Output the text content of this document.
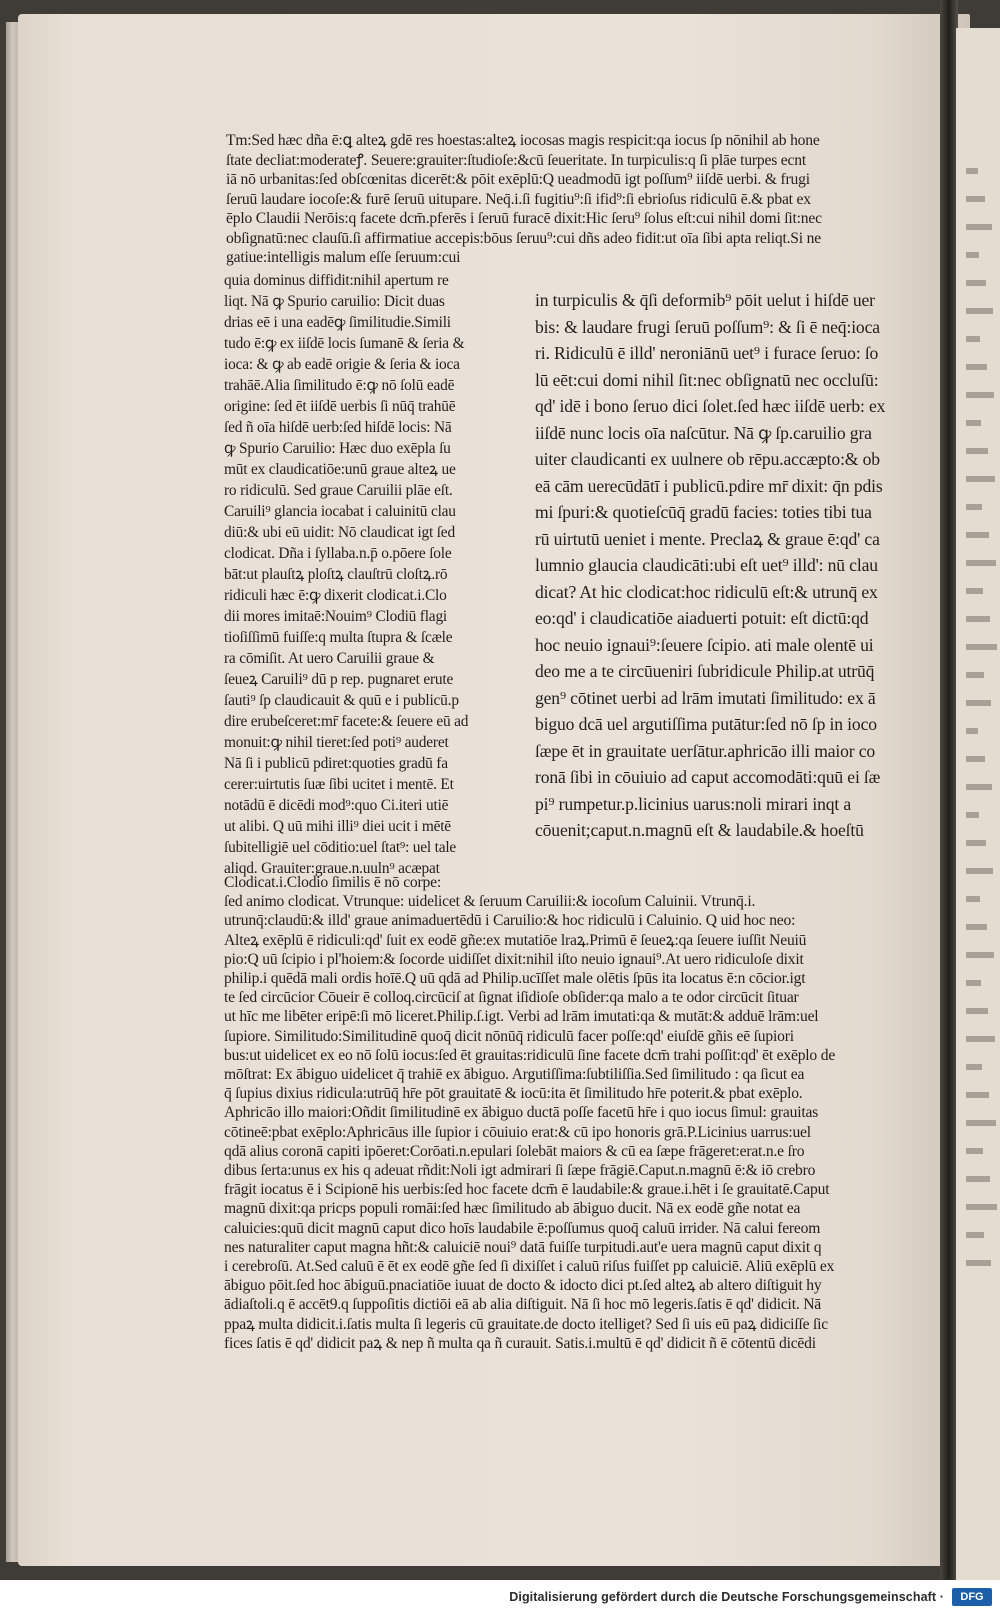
Tm:Sed hæc dña ē:ꝗ alteꝝ gdē res hoestas:alteꝝ iocosas magis respicit:qa iocus ſp nōnihil ab hone
ſtate decliat:moderateꝭ. Seuere:grauiter:ſtudioſe:&cū ſeueritate. In turpiculis:q ſi plāe turpes ecnt
iā nō urbanitas:ſed obſcœnitas dicerēt:& pōit exēplū:Q ueadmodū igt poſſum⁹ iiſdē uerbi. & frugi
ſeruū laudare iocoſe:& furē ſeruū uitupare. Neq̄.i.ſi fugitiu⁹:ſi ifid⁹:ſi ebrioſus ridiculū ē.& pbat ex
ēplo Claudii Nerōis:q facete dcm̄.pferēs i ſeruū furacē dixit:Hic ſeru⁹ ſolus eſt:cui nihil domi ſit:nec
obſignatū:nec clauſū.ſi affirmatiue accepis:bōus ſeruu⁹:cui dñs adeo fidit:ut oīa ſibi apta reliqt.Si ne
gatiue:intelligis malum eſſe ſeruum:cui
quia dominus diffidit:nihil apertum re
liqt. Nā ꝙ Spurio caruilio: Dicit duas
drias eē i una eadēꝙ ſimilitudie.Simili
tudo ē:ꝙ ex iiſdē locis ſumanē & ſeria &
ioca: & ꝙ ab eadē origie & ſeria & ioca
trahāē.Alia ſimilitudo ē:ꝙ nō ſolū eadē
origine: ſed ēt iiſdē uerbis ſi nūq̄ trahūē
ſed ñ oīa hiſdē uerb:ſed hiſdē locis: Nā
ꝙ Spurio Caruilio: Hæc duo exēpla ſu
mūt ex claudicatiōe:unū graue alteꝝ ue
ro ridiculū. Sed graue Caruilii plāe eſt.
Caruili⁹ glancia iocabat i caluinitū clau
diū:& ubi eū uidit: Nō claudicat igt ſed
clodicat. Dña i ſyllaba.n.p̄ o.pōere ſole
bāt:ut plauſtꝝ ploſtꝝ clauſtrū cloſtꝝ.rō
ridiculi hæc ē:ꝙ dixerit clodicat.i.Clo
dii mores imitaē:Nouim⁹ Clodiū flagi
tioſiſſimū fuiſſe:q multa ſtupra & ſcæle
ra cōmiſit. At uero Caruilii graue &
ſeueꝝ Caruili⁹ dū p rep. pugnaret erute
ſauti⁹ ſp claudicauit & quū e i publicū.p
dire erubeſceret:mr̄ facete:& ſeuere eū ad
monuit:ꝙ nihil tieret:ſed poti⁹ auderet
Nā ſi i publicū pdiret:quoties gradū fa
cerer:uirtutis ſuæ ſibi ucitet i mentē. Et
notādū ē dicēdi mod⁹:quo Ci.iteri utiē
ut alibi. Q uū mihi illi⁹ diei ucit i mētē
ſubitelligiē uel cōditio:uel ſtat⁹: uel tale
aliqd. Grauiter:graue.n.uuln⁹ acæpat
in turpiculis & q̄ſi deformib⁹ pōit uelut i hiſdē uer
bis: & laudare frugi ſeruū poſſum⁹: & ſi ē neq̄:ioca
ri. Ridiculū ē illd' neroniānū uet⁹ i furace ſeruo: ſo
lū eēt:cui domi nihil ſit:nec obſignatū nec occluſū:
qd' idē i bono ſeruo dici ſolet.ſed hæc iiſdē uerb: ex
iiſdē nunc locis oīa naſcūtur. Nā ꝙ ſp.caruilio gra
uiter claudicanti ex uulnere ob rēpu.accæpto:& ob
eā cām uerecūdātī i publicū.pdire mr̄ dixit: q̄n pdis
mi ſpuri:& quotieſcūq̄ gradū facies: toties tibi tua
rū uirtutū ueniet i mente. Preclaꝝ & graue ē:qd' ca
lumnio glaucia claudicāti:ubi eſt uet⁹ illd': nū clau
dicat? At hic clodicat:hoc ridiculū eſt:& utrunq̄ ex
eo:qd' i claudicatiōe aiaduerti potuit: eſt dictū:qd
hoc neuio ignaui⁹:ſeuere ſcipio. ati male olentē ui
deo me a te circūueniri ſubridicule Philip.at utrūq̄
gen⁹ cōtinet uerbi ad lrām imutati ſimilitudo: ex ā
biguo dcā uel argutiſſima putātur:ſed nō ſp in ioco
ſæpe ēt in grauitate uerſātur.aphricāo illi maior co
ronā ſibi in cōuiuio ad caput accomodāti:quū ei ſæ
pi⁹ rumpetur.p.licinius uarus:noli mirari inqt a
cōuenit;caput.n.magnū eſt & laudabile.& hoeſtū
Clodicat.i.Clodio ſimilis ē nō corpe:
ſed animo clodicat. Vtrunque: uidelicet & ſeruum Caruilii:& iocoſum Caluinii. Vtrunq̄.i.
utrunq̄:claudū:& illd' graue animaduertēdū i Caruilio:& hoc ridiculū i Caluinio. Q uid hoc neo:
Alteꝝ exēplū ē ridiculi:qd' ſuit ex eodē gñe:ex mutatiōe lraꝝ.Primū ē ſeueꝝ:qa ſeuere iuſſit Neuiū
pio:Q uū ſcipio i pl'hoiem:& ſocorde uidiſſet dixit:nihil iſto neuio ignaui⁹.At uero ridiculoſe dixit
philip.i quēdā mali ordis hoīē.Q uū qdā ad Philip.ucīſſet male olētis ſpūs ita locatus ē:n cōcior.igt
te ſed circūcior Cōueir ē colloq.circūciſ at ſignat iſidioſe obſider:qa malo a te odor circūcit ſituar
ut hīc me libēter eripē:ſi mō liceret.Philip.ſ.igt. Verbi ad lrām imutati:qa & mutāt:& adduē lrām:uel
ſupiore. Similitudo:Similitudinē quoq̄ dicit nōnūq̄ ridiculū facer poſſe:qd' eiuſdē gñis eē ſupiori
bus:ut uidelicet ex eo nō ſolū iocus:ſed ēt grauitas:ridiculū ſine facete dcm̄ trahi poſſit:qd' ēt exēplo de
mōſtrat: Ex ābiguo uidelicet q̄ trahiē ex ābiguo. Argutiſſima:ſubtiliſſia.Sed ſimilitudo : qa ſicut ea
q̄ ſupius dixius ridicula:utrūq̄ hr̄e pōt grauitatē & iocū:ita ēt ſimilitudo hr̄e poterit.& pbat exēplo.
Aphricāo illo maiori:Oñdit ſimilitudinē ex ābiguo ductā poſſe facetū hr̄e i quo iocus ſimul: grauitas
cōtineē:pbat exēplo:Aphricāus ille ſupior i cōuiuio erat:& cū ipo honoris grā.P.Licinius uarrus:uel
qdā alius coronā capiti ipōeret:Corōati.n.epulari ſolebāt maiors & cū ea ſæpe frāgeret:erat.n.e ſro
dibus ſerta:unus ex his q adeuat rñdit:Noli igt admirari ſi ſæpe frāgiē.Caput.n.magnū ē:& iō crebro
frāgit iocatus ē i Scipionē his uerbis:ſed hoc facete dcm̄ ē laudabile:& graue.i.hēt i ſe grauitatē.Caput
magnū dixit:qa pricps populi romāi:ſed hæc ſimilitudo ab ābiguo ducit. Nā ex eodē gñe notat ea
caluicies:quū dicit magnū caput dico hoīs laudabile ē:poſſumus quoq̄ caluū irrider. Nā calui fereom
nes naturaliter caput magna hñt:& caluiciē noui⁹ datā fuiſſe turpitudi.aut'e uera magnū caput dixit q
i cerebroſū. At.Sed caluū ē ēt ex eodē gñe ſed ſi dixiſſet i caluū riſus fuiſſet pp caluiciē. Aliū exēplū ex
ābiguo pōit.ſed hoc ābiguū.pnaciatiōe iuuat de docto & idocto dici pt.ſed alteꝝ ab altero diſtiguit hy
ādiaſtoli.q ē accēt9.q ſuppoſitis dictiōi eā ab alia diſtiguit. Nā ſi hoc mō legeris.ſatis ē qd' didicit. Nā
ppaꝝ multa didicit.i.ſatis multa ſi legeris cū grauitate.de docto itelliget? Sed ſi uis eū paꝝ didiciſſe ſic
fices ſatis ē qd' didicit paꝝ & nep ñ multa qa ñ curauit. Satis.i.multū ē qd' didicit ñ ē cōtentū dicēdi
Digitalisierung gefördert durch die Deutsche Forschungsgemeinschaft ·	DFG
